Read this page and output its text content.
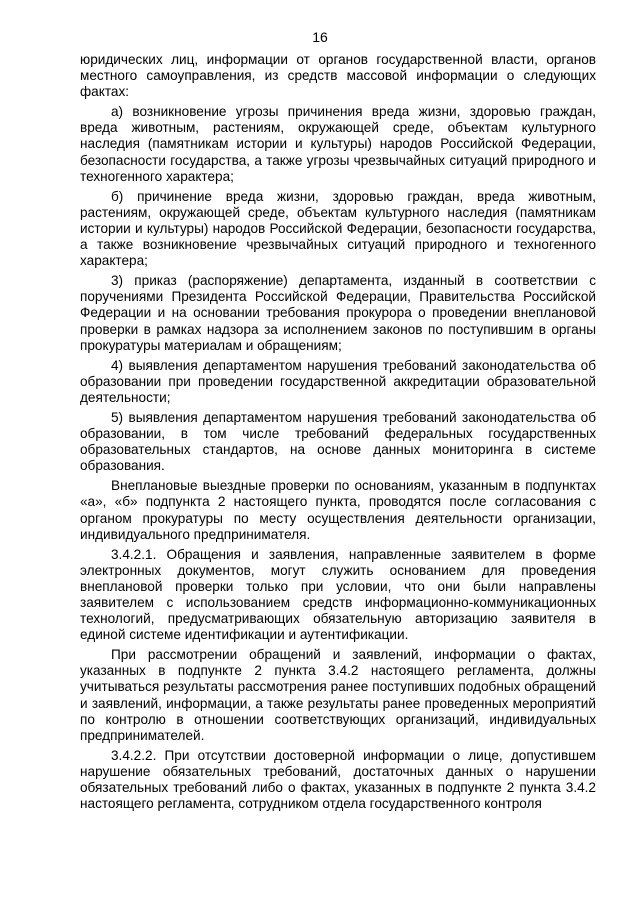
16

юридических лиц, информации от органов государственной власти, органов местного самоуправления, из средств массовой информации о следующих фактах:

а) возникновение угрозы причинения вреда жизни, здоровью граждан, вреда животным, растениям, окружающей среде, объектам культурного наследия (памятникам истории и культуры) народов Российской Федерации, безопасности государства, а также угрозы чрезвычайных ситуаций природного и техногенного характера;

б) причинение вреда жизни, здоровью граждан, вреда животным, растениям, окружающей среде, объектам культурного наследия (памятникам истории и культуры) народов Российской Федерации, безопасности государства, а также возникновение чрезвычайных ситуаций природного и техногенного характера;

3) приказ (распоряжение) департамента, изданный в соответствии с поручениями Президента Российской Федерации, Правительства Российской Федерации и на основании требования прокурора о проведении внеплановой проверки в рамках надзора за исполнением законов по поступившим в органы прокуратуры материалам и обращениям;

4) выявления департаментом нарушения требований законодательства об образовании при проведении государственной аккредитации образовательной деятельности;

5) выявления департаментом нарушения требований законодательства об образовании, в том числе требований федеральных государственных образовательных стандартов, на основе данных мониторинга в системе образования.

Внеплановые выездные проверки по основаниям, указанным в подпунктах «а», «б» подпункта 2 настоящего пункта, проводятся после согласования с органом прокуратуры по месту осуществления деятельности организации, индивидуального предпринимателя.

3.4.2.1. Обращения и заявления, направленные заявителем в форме электронных документов, могут служить основанием для проведения внеплановой проверки только при условии, что они были направлены заявителем с использованием средств информационно-коммуникационных технологий, предусматривающих обязательную авторизацию заявителя в единой системе идентификации и аутентификации.

При рассмотрении обращений и заявлений, информации о фактах, указанных в подпункте 2 пункта 3.4.2 настоящего регламента, должны учитываться результаты рассмотрения ранее поступивших подобных обращений и заявлений, информации, а также результаты ранее проведенных мероприятий по контролю в отношении соответствующих организаций, индивидуальных предпринимателей.

3.4.2.2. При отсутствии достоверной информации о лице, допустившем нарушение обязательных требований, достаточных данных о нарушении обязательных требований либо о фактах, указанных в подпункте 2 пункта 3.4.2 настоящего регламента, сотрудником отдела государственного контроля
